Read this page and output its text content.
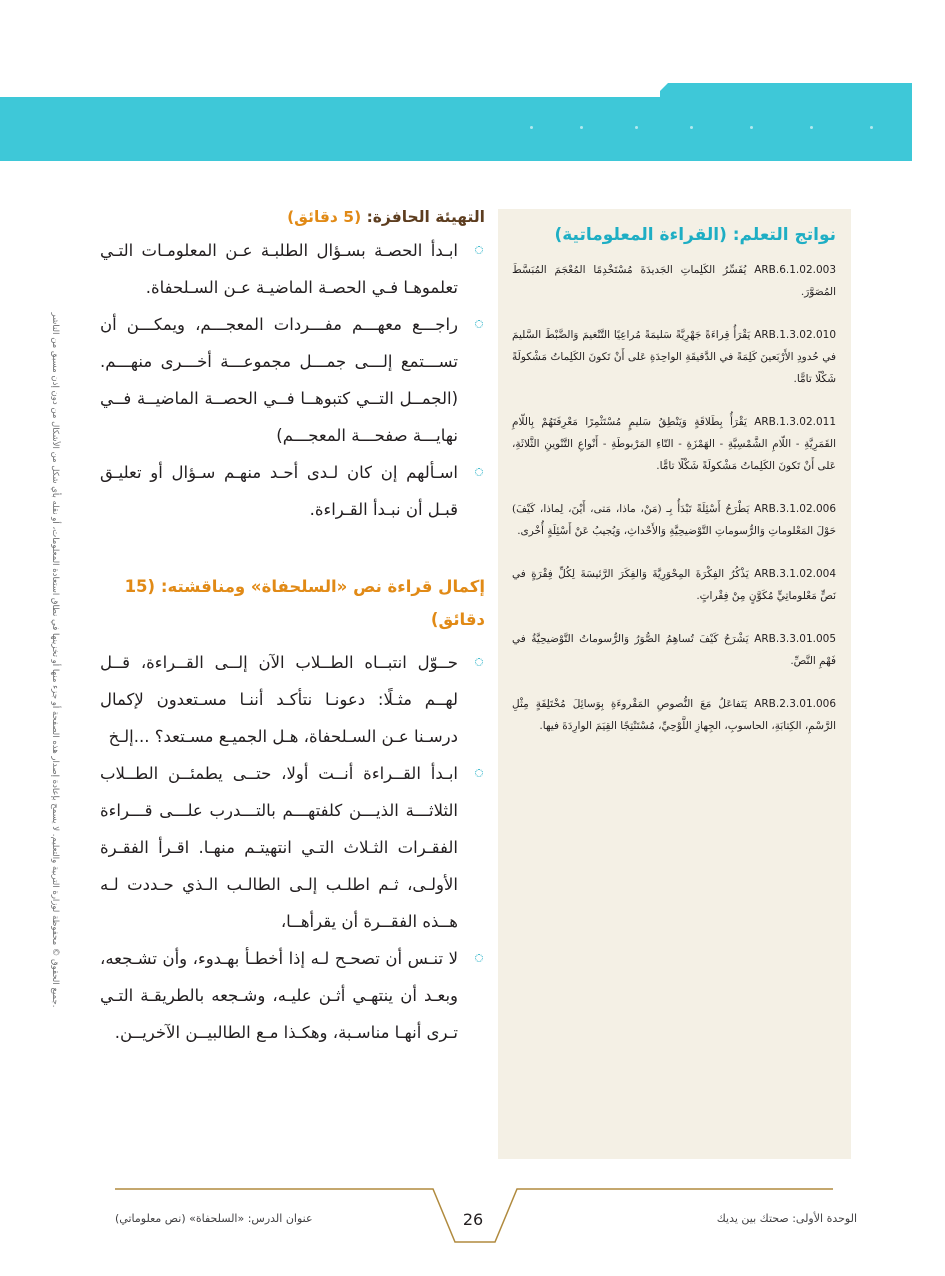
جميع الحقوق © محفوظة لوزارة التربية والتعليم. لا يسمح بإعادة إصدار هذه الصفحة أو جزء منها أو تخزينها في نطاق استعادة المعلومات، أو نقله بأي شكل من الأشكال من دون إذن مسبق من الناشر.
نواتج التعلم: (القراءة المعلوماتية)

ARB.6.1.02.003 يُفَسِّرُ الكَلِماتِ الجَديدَةَ مُسْتَخْدِمًا المُعْجَمَ المُبَسَّطَ المُصَوَّرَ.

ARB.1.3.02.010 يَقْرَأُ قِراءَةً جَهْرِيَّةً سَليمَةً مُراعِيًا التَّنْغيمَ وَالضَّبْطَ السَّليمَ في حُدودِ الأَرْبَعينَ كَلِمَةً في الدَّقيقَةِ الواحِدَةِ عَلى أَنْ تَكونَ الكَلِماتُ مَشْكولَةً شَكْلًا تامًّا.

ARB.1.3.02.011 يَقْرَأُ بِطَلاقَةٍ وَيَنْطِقُ سَليمٍ مُسْتَثْمِرًا مَعْرِفَتَهُمْ بِاللّامِ القَمَرِيَّةِ - اللّامِ الشَّمْسِيَّةِ - الهَمْزَةِ - التّاءِ المَرْبوطَةِ - أَنْواعِ التَّنْوينِ الثَّلاثَةِ، عَلى أَنْ تَكونَ الكَلِماتُ مَشْكولَةً شَكْلًا تامًّا.

ARB.3.1.02.006 يَطْرَحُ أَسْئِلَةً تَبْدَأُ بِـ (مَنْ، ماذا، مَتى، أَيْنَ، لِماذا، كَيْفَ) حَوْلَ المَعْلوماتِ وَالرُّسوماتِ التَّوْضيحِيَّةِ وَالأَحْداثِ، وَيُجيبُ عَنْ أَسْئِلَةٍ أُخْرى.

ARB.3.1.02.004 يَذْكُرُ الفِكْرَةَ المِحْوَرِيَّةَ وَالفِكَرَ الرَّئيسَةَ لِكُلِّ فِقْرَةٍ في نَصٍّ مَعْلوماتِيٍّ مُكَوَّنٍ مِنْ فِقْراتٍ.

ARB.3.3.01.005 يَشْرَحُ كَيْفَ تُساهِمُ الصُّوَرُ وَالرُّسوماتُ التَّوْضيحِيَّةُ في فَهْمِ النَّصِّ.

ARB.2.3.01.006 يَتَفاعَلُ مَعَ النُّصوصِ المَقْروءَةِ بِوَسائِلَ مُخْتَلِفَةٍ مِثْلِ الرَّسْمِ، الكِتابَةِ، الحاسوبِ، الجِهازِ اللَّوْحِيِّ، مُسْتَنْتِجًا القِيَمَ الوارِدَةَ فيها.

التهيئة الحافزة: (5 دقائق)
ابـدأ الحصـة بسـؤال الطلبـة عـن المعلومـات التـي تعلموهـا فـي الحصـة الماضيـة عـن السـلحفاة.
راجـــع معهـــم مفـــردات المعجـــم، ويمكـــن أن تســـتمع إلـــى جمـــل مجموعـــة أخـــرى منهـــم. (الجمــل التــي كتبوهــا فــي الحصــة الماضيــة فــي نهايـــة صفحـــة المعجـــم)
اسـألهم إن كان لـدى أحـد منهـم سـؤال أو تعليـق قبـل أن نبـدأ القـراءة.
إكمال قراءة نص «السلحفاة» ومناقشته: (15 دقائق)
حــوّل انتبــاه الطــلاب الآن إلــى القــراءة، قــل لهــم مثـلًا: دعونـا نتأكـد أننـا مسـتعدون لإكمال درسـنا عـن السـلحفاة، هـل الجميـع مسـتعد؟ ...إلـخ
ابـدأ القــراءة أنــت أولا، حتــى يطمئــن الطــلاب الثلاثـــة الذيـــن كلفتهـــم بالتـــدرب علـــى قـــراءة الفقـرات الثـلاث التـي انتهيتـم منهـا. اقـرأ الفقـرة الأولـى، ثـم اطلـب إلـى الطالـب الـذي حـددت لـه هــذه الفقــرة أن يقرأهــا،
لا تنـس أن تصحـح لـه إذا أخطـأ بهـدوء، وأن تشـجعه، وبعـد أن ينتهـي أثـن عليـه، وشـجعه بالطريقـة التـي تـرى أنهـا مناسـبة، وهكـذا مـع الطالبيــن الآخريــن.
عنوان الدرس: «السلحفاة» (نص معلوماتي)	26	الوحدة الأولى: صحتك بين يديك
